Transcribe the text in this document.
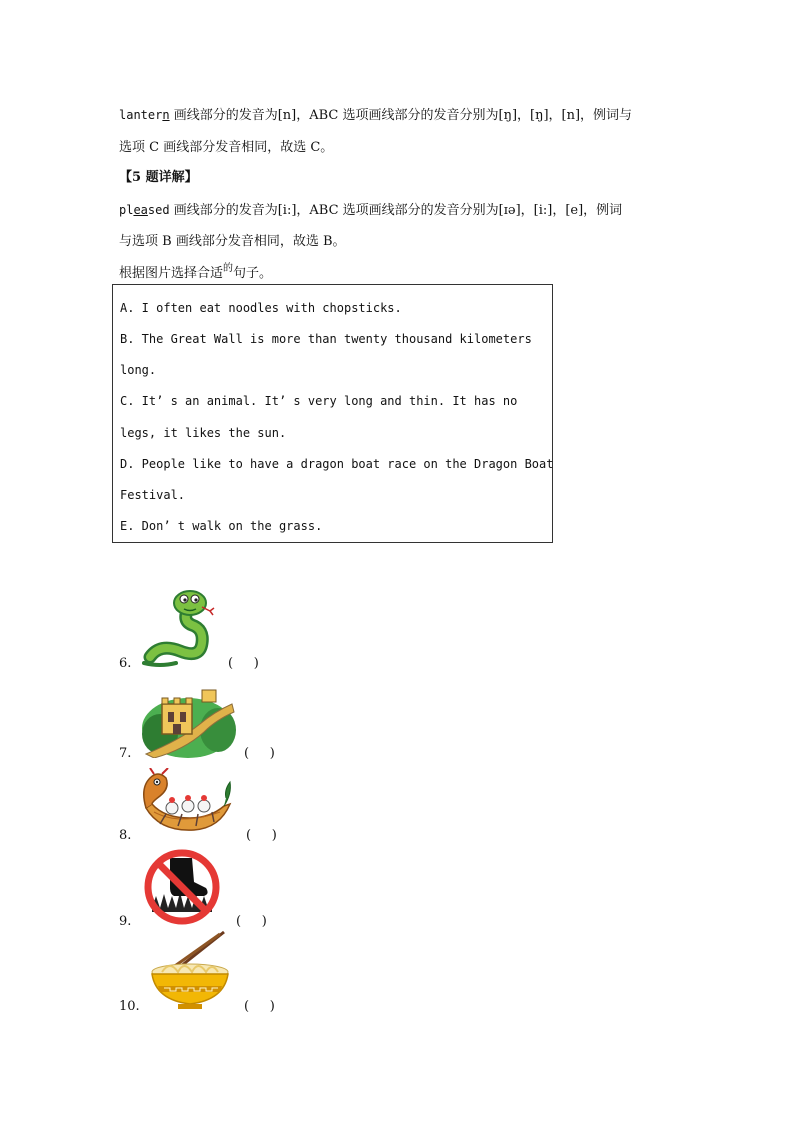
lantern 画线部分的发音为[n]，ABC 选项画线部分的发音分别为[ŋ]，[ŋ]，[n]，例词与
选项 C 画线部分发音相同，故选 C。
【5 题详解】
pleased 画线部分的发音为[i:]，ABC 选项画线部分的发音分别为[ɪə]，[i:]，[e]，例词
与选项 B 画线部分发音相同，故选 B。
根据图片选择合适$^的$句子。
A. I often eat noodles with chopsticks.
B. The Great Wall is more than twenty thousand kilometers
long.
C. It’ s an animal. It’ s very long and thin. It has no
legs, it likes the sun.
D. People like to have a dragon boat race on the Dragon Boat
Festival.
E. Don’ t walk on the grass.
6.	(     )
7.	(     )
8.	(     )
9.	(     )
10.	(     )
